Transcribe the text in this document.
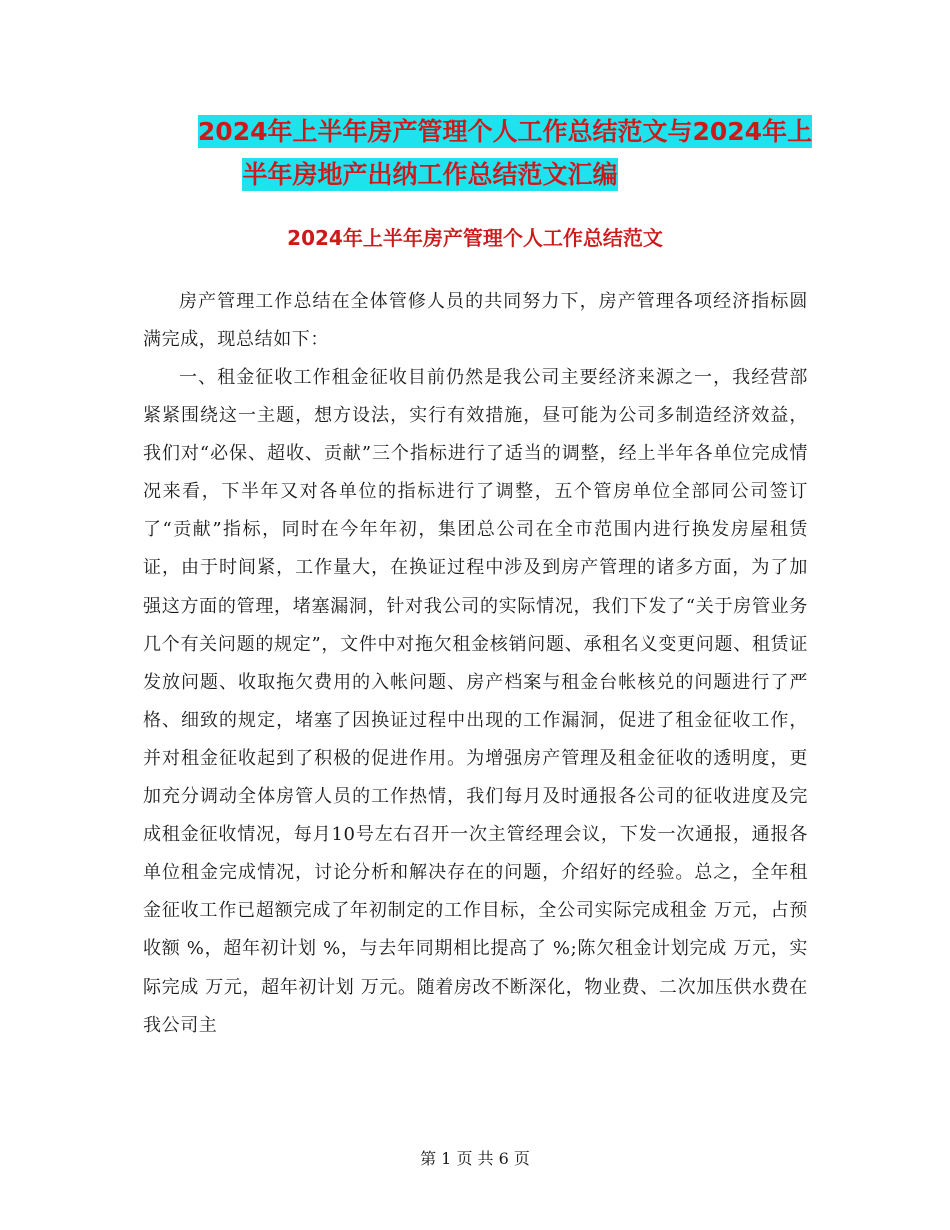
2024年上半年房产管理个人工作总结范文与2024年上
半年房地产出纳工作总结范文汇编
2024年上半年房产管理个人工作总结范文

房产管理工作总结在全体管修人员的共同努力下，房产管理各项经济指标圆满完成，现总结如下：

一、租金征收工作租金征收目前仍然是我公司主要经济来源之一，我经营部紧紧围绕这一主题，想方设法，实行有效措施，昼可能为公司多制造经济效益，我们对“必保、超收、贡献”三个指标进行了适当的调整，经上半年各单位完成情况来看，下半年又对各单位的指标进行了调整，五个管房单位全部同公司签订了“贡献”指标，同时在今年年初，集团总公司在全市范围内进行换发房屋租赁证，由于时间紧，工作量大，在换证过程中涉及到房产管理的诸多方面，为了加强这方面的管理，堵塞漏洞，针对我公司的实际情况，我们下发了“关于房管业务几个有关问题的规定”，文件中对拖欠租金核销问题、承租名义变更问题、租赁证发放问题、收取拖欠费用的入帐问题、房产档案与租金台帐核兑的问题进行了严格、细致的规定，堵塞了因换证过程中出现的工作漏洞，促进了租金征收工作，并对租金征收起到了积极的促进作用。为增强房产管理及租金征收的透明度，更加充分调动全体房管人员的工作热情，我们每月及时通报各公司的征收进度及完成租金征收情况，每月10号左右召开一次主管经理会议，下发一次通报，通报各单位租金完成情况，讨论分析和解决存在的问题，介绍好的经验。总之，全年租金征收工作已超额完成了年初制定的工作目标，全公司实际完成租金 万元，占预收额 %，超年初计划 %，与去年同期相比提高了 %;陈欠租金计划完成 万元，实际完成 万元，超年初计划 万元。随着房改不断深化，物业费、二次加压供水费在我公司主

第 1 页 共 6 页
